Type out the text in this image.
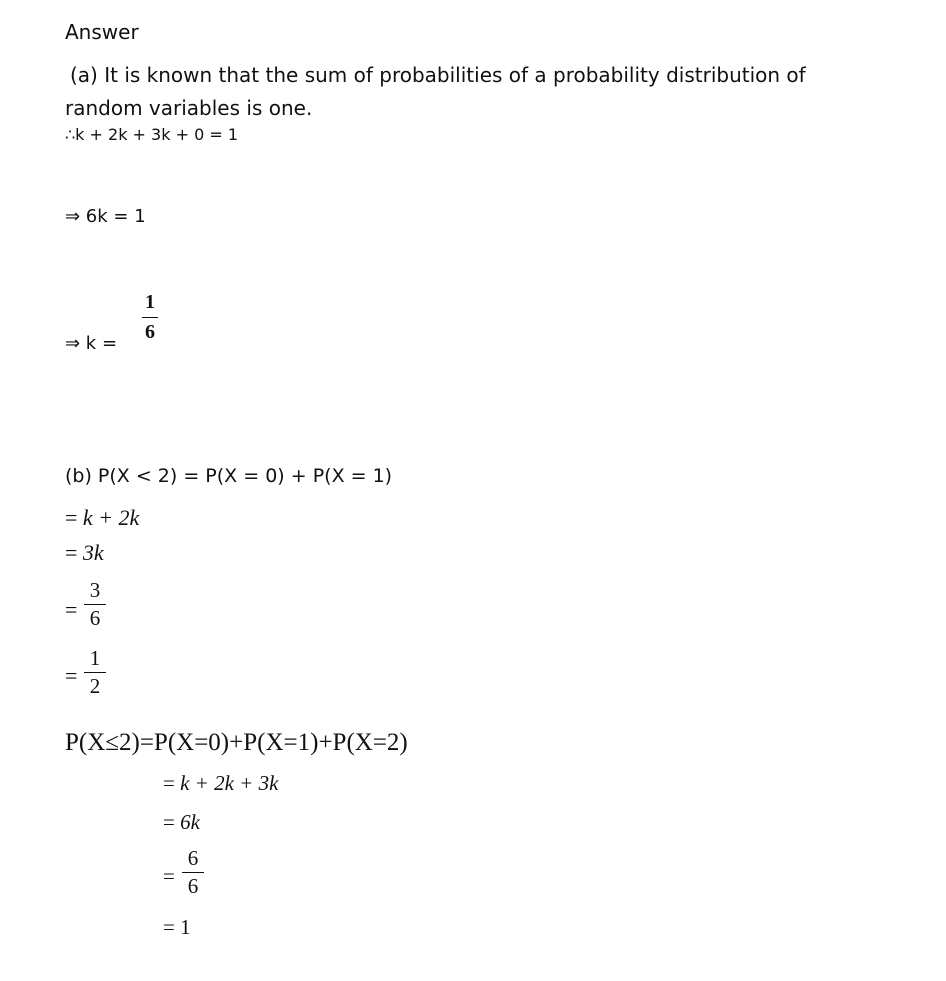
Answer
(a) It is known that the sum of probabilities of a probability distribution of
random variables is one.
∴k + 2k + 3k + 0 = 1
⇒ 6k = 1
⇒ k =
1
6
(b) P(X < 2) = P(X = 0) + P(X = 1)
= k + 2k
= 3k
=
3
6
=
1
2
P(X≤2)=P(X=0)+P(X=1)+P(X=2)
= k + 2k + 3k
= 6k
=
6
6
= 1
